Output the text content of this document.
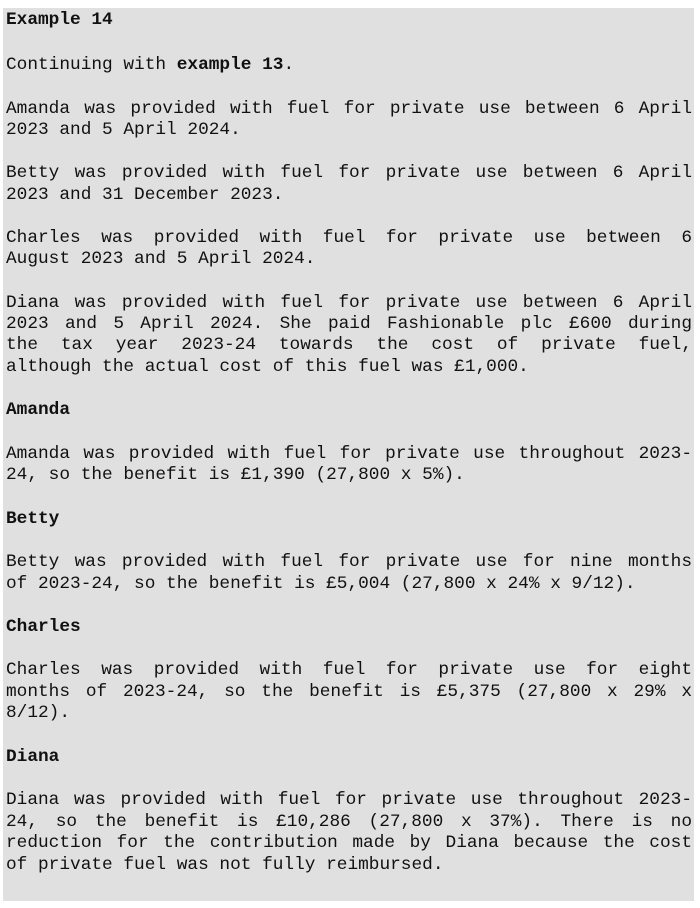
Example 14
Continuing with example 13.
Amanda was provided with fuel for private use between 6 April
2023 and 5 April 2024.
Betty was provided with fuel for private use between 6 April
2023 and 31 December 2023.
Charles was provided with fuel for private use between 6
August 2023 and 5 April 2024.
Diana was provided with fuel for private use between 6 April
2023 and 5 April 2024. She paid Fashionable plc £600 during
the tax year 2023-24 towards the cost of private fuel,
although the actual cost of this fuel was £1,000.
Amanda
Amanda was provided with fuel for private use throughout 2023-
24, so the benefit is £1,390 (27,800 x 5%).
Betty
Betty was provided with fuel for private use for nine months
of 2023-24, so the benefit is £5,004 (27,800 x 24% x 9/12).
Charles
Charles was provided with fuel for private use for eight
months of 2023-24, so the benefit is £5,375 (27,800 x 29% x
8/12).
Diana
Diana was provided with fuel for private use throughout 2023-
24, so the benefit is £10,286 (27,800 x 37%). There is no
reduction for the contribution made by Diana because the cost
of private fuel was not fully reimbursed.
